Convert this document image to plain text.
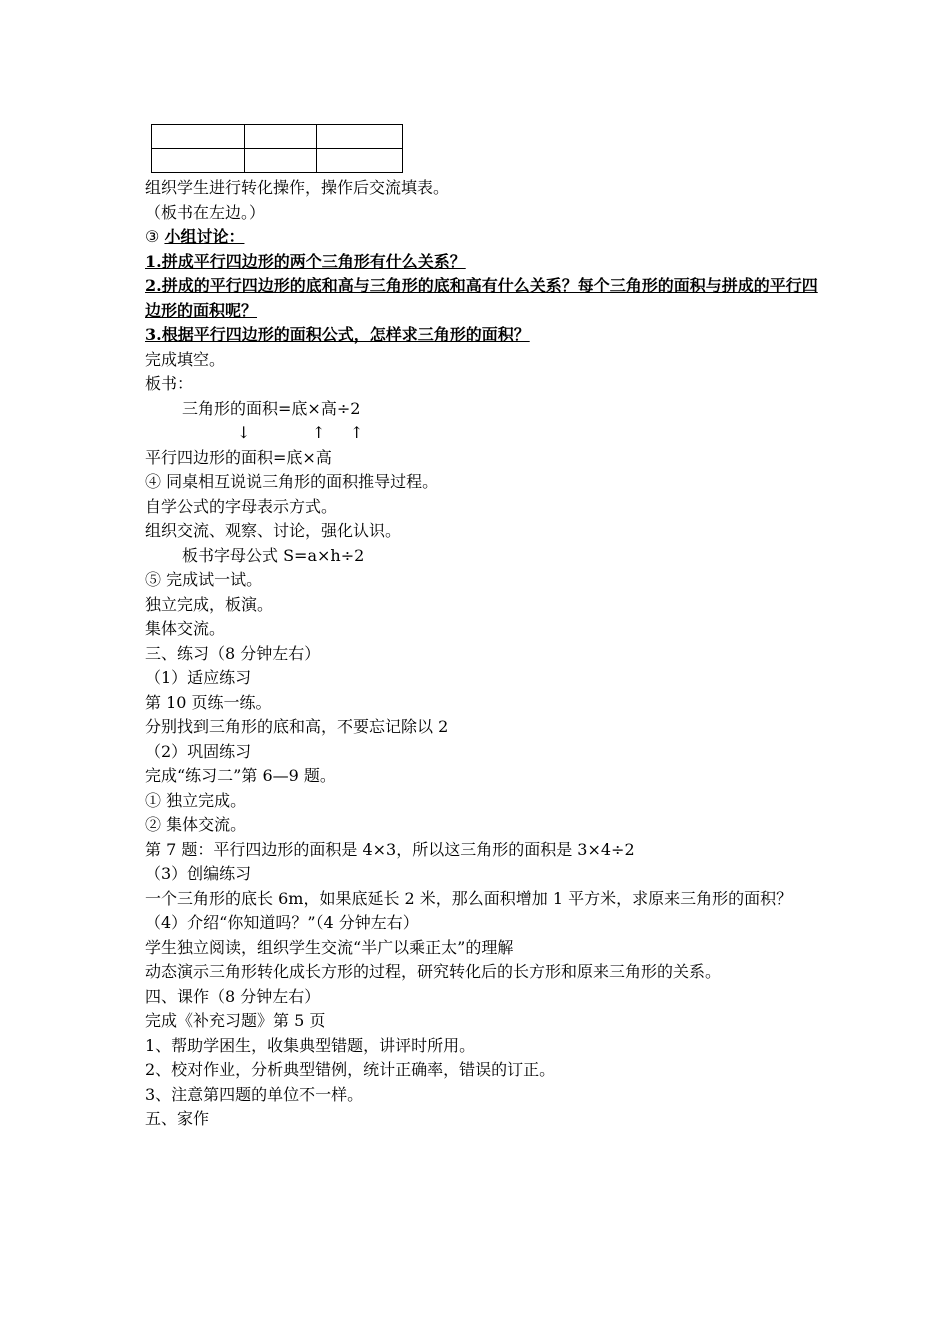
组织学生进行转化操作，操作后交流填表。
（板书在左边。）
③ 小组讨论：
1.拼成平行四边形的两个三角形有什么关系？
2.拼成的平行四边形的底和高与三角形的底和高有什么关系？每个三角形的面积与拼成的平行四边形的面积呢？
3.根据平行四边形的面积公式，怎样求三角形的面积？
完成填空。
板书：
三角形的面积=底×高÷2
↓	↑ ↑
平行四边形的面积=底×高
④ 同桌相互说说三角形的面积推导过程。
自学公式的字母表示方式。
组织交流、观察、讨论，强化认识。
板书字母公式 S=a×h÷2
⑤ 完成试一试。
独立完成，板演。
集体交流。
三、练习（8 分钟左右）
（1）适应练习
第 10 页练一练。
分别找到三角形的底和高，不要忘记除以 2
（2）巩固练习
完成“练习二”第 6—9 题。
① 独立完成。
② 集体交流。
第 7 题：平行四边形的面积是 4×3，所以这三角形的面积是 3×4÷2
（3）创编练习
一个三角形的底长 6m，如果底延长 2 米，那么面积增加 1 平方米，求原来三角形的面积？
（4）介绍“你知道吗？”（4 分钟左右）
学生独立阅读，组织学生交流“半广以乘正太”的理解
动态演示三角形转化成长方形的过程，研究转化后的长方形和原来三角形的关系。
四、课作（8 分钟左右）
完成《补充习题》第 5 页
1、帮助学困生，收集典型错题，讲评时所用。
2、校对作业，分析典型错例，统计正确率，错误的订正。
3、注意第四题的单位不一样。
五、家作
